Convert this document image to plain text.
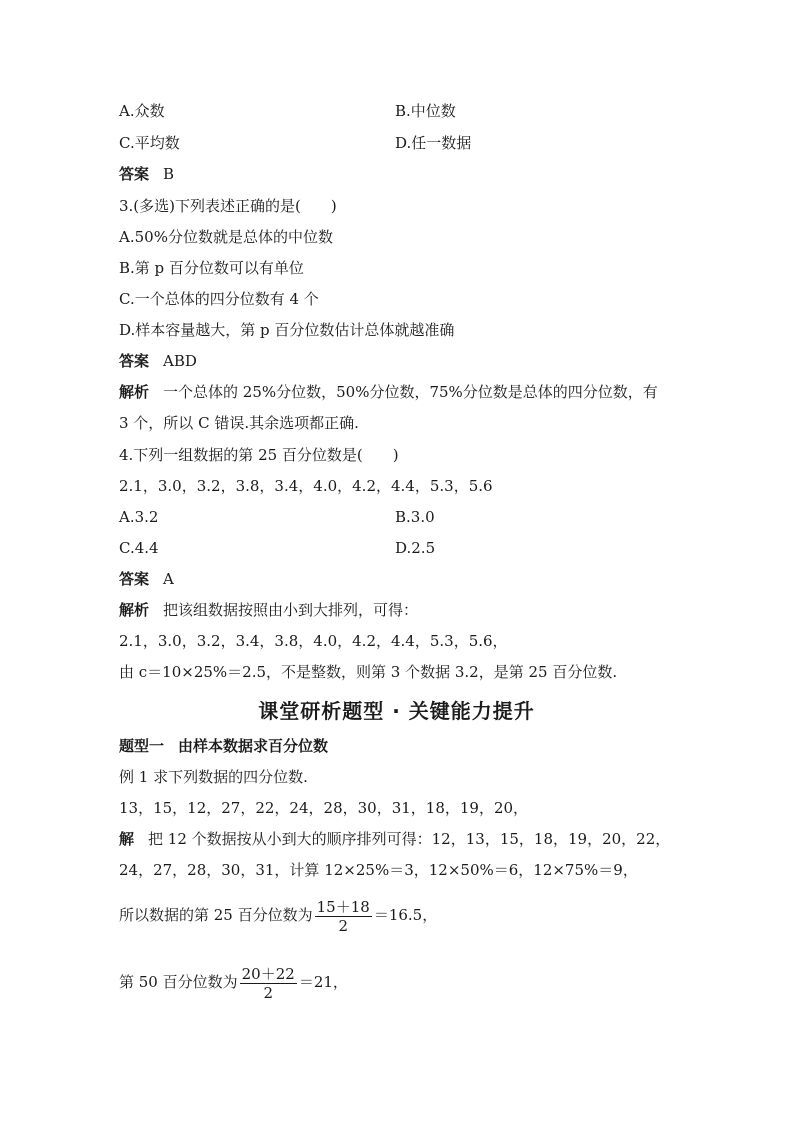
A.众数	B.中位数
C.平均数	D.任一数据
答案 B
3.(多选)下列表述正确的是(　　)
A.50%分位数就是总体的中位数
B.第 p 百分位数可以有单位
C.一个总体的四分位数有 4 个
D.样本容量越大，第 p 百分位数估计总体就越准确
答案 ABD
解析 一个总体的 25%分位数，50%分位数，75%分位数是总体的四分位数，有
3 个，所以 C 错误.其余选项都正确.
4.下列一组数据的第 25 百分位数是(　　)
2.1，3.0，3.2，3.8，3.4，4.0，4.2，4.4，5.3，5.6
A.3.2	B.3.0
C.4.4	D.2.5
答案 A
解析 把该组数据按照由小到大排列，可得：
2.1，3.0，3.2，3.4，3.8，4.0，4.2，4.4，5.3，5.6，
由 c＝10×25%＝2.5，不是整数，则第 3 个数据 3.2，是第 25 百分位数.
课堂研析题型 · 关键能力提升
题型一 由样本数据求百分位数
例 1 求下列数据的四分位数.
13，15，12，27，22，24，28，30，31，18，19，20，
解 把 12 个数据按从小到大的顺序排列可得：12，13，15，18，19，20，22，
24，27，28，30，31，计算 12×25%＝3，12×50%＝6，12×75%＝9，
所以数据的第 25 百分位数为 $\frac{15+18}{2} =16.5$，
第 50 百分位数为 $\frac{20+22}{2} =21$，
